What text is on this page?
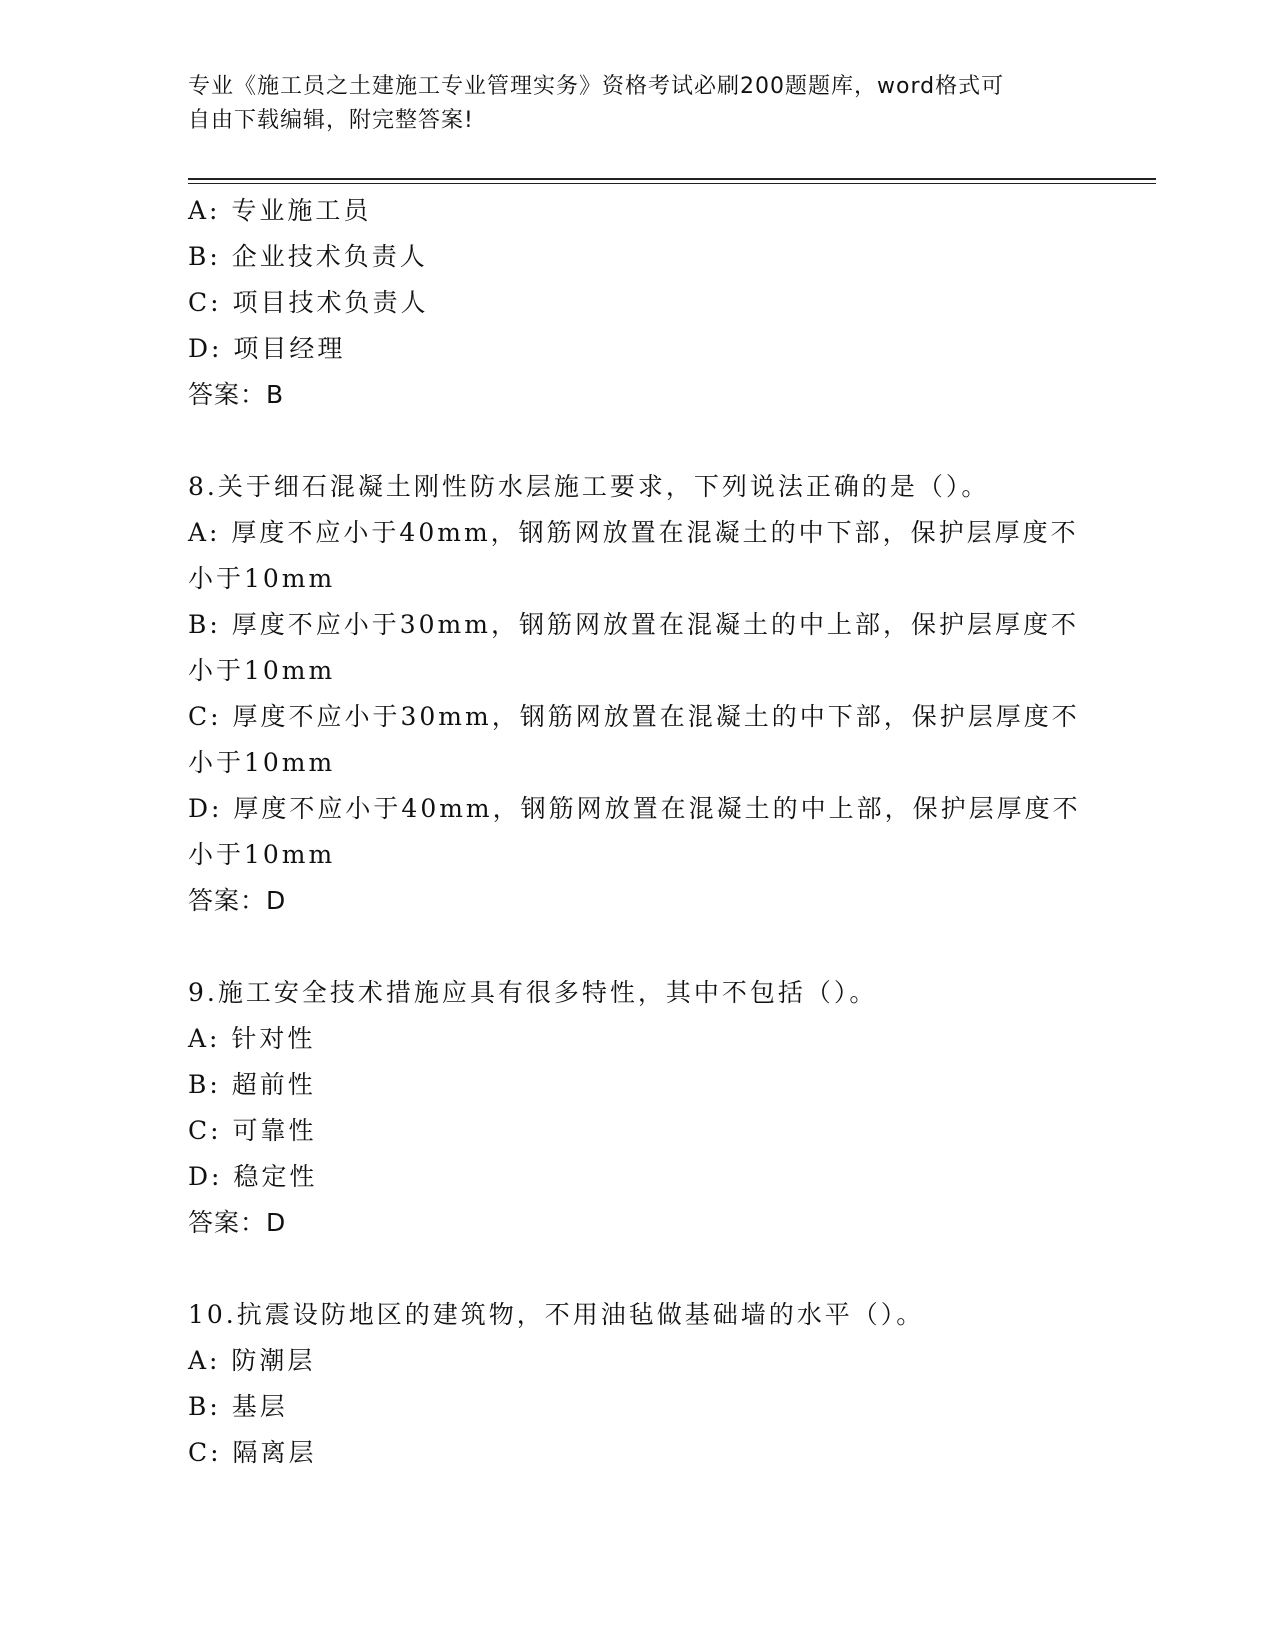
专业《施工员之土建施工专业管理实务》资格考试必刷200题题库，word格式可
自由下载编辑，附完整答案!
A: 专业施工员
B: 企业技术负责人
C: 项目技术负责人
D: 项目经理
答案：B
8.关于细石混凝土刚性防水层施工要求，下列说法正确的是（）。
A: 厚度不应小于40mm，钢筋网放置在混凝土的中下部，保护层厚度不小于10mm
B: 厚度不应小于30mm，钢筋网放置在混凝土的中上部，保护层厚度不小于10mm
C: 厚度不应小于30mm，钢筋网放置在混凝土的中下部，保护层厚度不小于10mm
D: 厚度不应小于40mm，钢筋网放置在混凝土的中上部，保护层厚度不小于10mm
答案：D
9.施工安全技术措施应具有很多特性，其中不包括（）。
A: 针对性
B: 超前性
C: 可靠性
D: 稳定性
答案：D
10.抗震设防地区的建筑物，不用油毡做基础墙的水平（）。
A: 防潮层
B: 基层
C: 隔离层
